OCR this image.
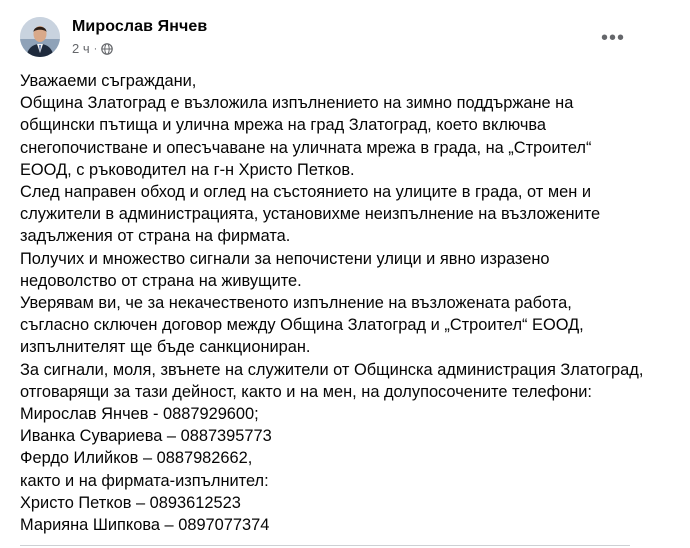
Мирослав Янчев
2 ч ·	•••

Уважаеми съграждани,

Община Златоград е възложила изпълнението на зимно поддържане на

общински пътища и улична мрежа на град Златоград, което включва

снегопочистване и опесъчаване на уличната мрежа в града, на „Строител“

ЕООД, с ръководител на г-н Христо Петков.

След направен обход и оглед на състоянието на улиците в града, от мен и

служители в администрацията, установихме неизпълнение на възложените

задължения от страна на фирмата.

Получих и множество сигнали за непочистени улици и явно изразено

недоволство от страна на живущите.

Уверявам ви, че за некачественото изпълнение на възложената работа,

съгласно сключен договор между Община Златоград и „Строител“ ЕООД,

изпълнителят ще бъде санкциониран.

За сигнали, моля, звънете на служители от Общинска администрация Златоград,

отговарящи за тази дейност, както и на мен, на долупосочените телефони:

Мирослав Янчев - 0887929600;

Иванка Сувариева – 0887395773

Фердо Илийков – 0887982662,

както и на фирмата-изпълнител:

Христо Петков – 0893612523

Марияна Шипкова – 0897077374
